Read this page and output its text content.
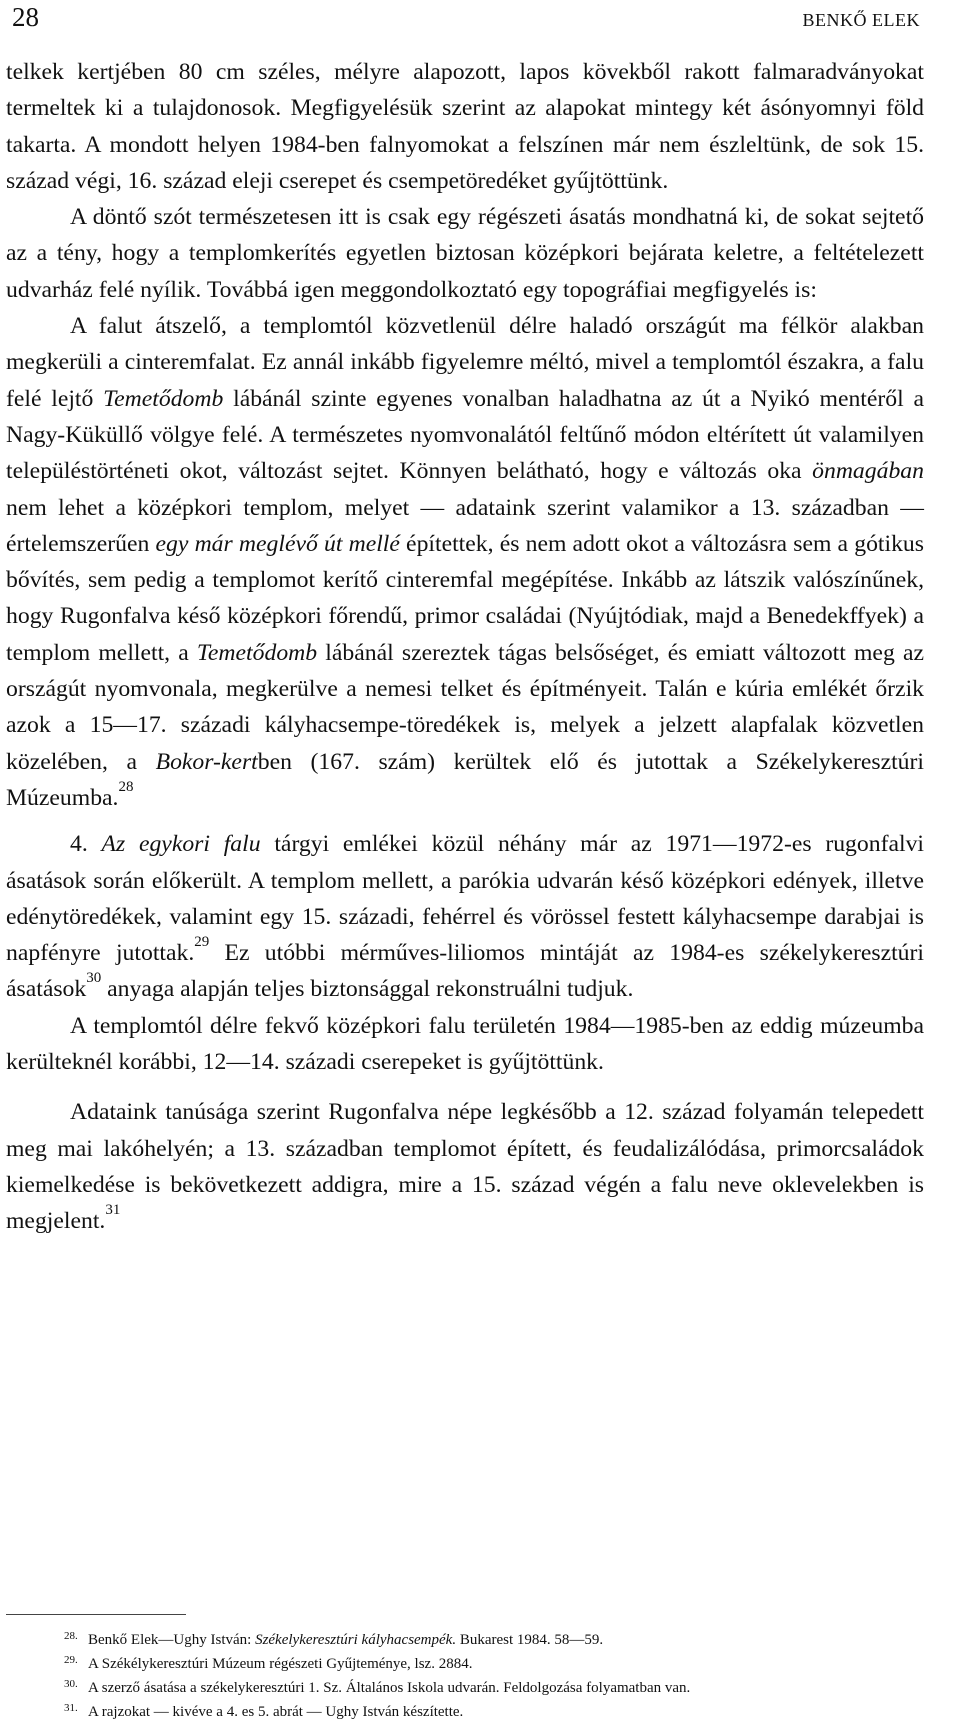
28	BENKŐ ELEK

telkek kertjében 80 cm széles, mélyre alapozott, lapos kövekből rakott falmaradványokat termeltek ki a tulajdonosok. Megfigyelésük szerint az alapokat mintegy két ásónyomnyi föld takarta. A mondott helyen 1984-ben falnyomokat a felszínen már nem észleltünk, de sok 15. század végi, 16. század eleji cserepet és csempetöredéket gyűjtöttünk.

A döntő szót természetesen itt is csak egy régészeti ásatás mondhatná ki, de sokat sejtető az a tény, hogy a templomkerítés egyetlen biztosan középkori bejárata keletre, a feltételezett udvarház felé nyílik. Továbbá igen meggondolkoztató egy topográfiai megfigyelés is:

A falut átszelő, a templomtól közvetlenül délre haladó országút ma félkör alakban megkerüli a cinteremfalat. Ez annál inkább figyelemre méltó, mivel a templomtól északra, a falu felé lejtő Temetődomb lábánál szinte egyenes vonalban haladhatna az út a Nyikó mentéről a Nagy-Küküllő völgye felé. A természetes nyomvonalától feltűnő módon eltérített út valamilyen településtörténeti okot, változást sejtet. Könnyen belátható, hogy e változás oka önmagában nem lehet a középkori templom, melyet — adataink szerint valamikor a 13. században — értelemszerűen egy már meglévő út mellé építettek, és nem adott okot a változásra sem a gótikus bővítés, sem pedig a templomot kerítő cinteremfal megépítése. Inkább az látszik valószínűnek, hogy Rugonfalva késő középkori főrendű, primor családai (Nyújtódiak, majd a Benedekffyek) a templom mellett, a Temetődomb lábánál szereztek tágas belsőséget, és emiatt változott meg az országút nyomvonala, megkerülve a nemesi telket és építményeit. Talán e kúria emlékét őrzik azok a 15—17. századi kályhacsempe-töredékek is, melyek a jelzett alapfalak közvetlen közelében, a Bokor-kertben (167. szám) kerültek elő és jutottak a Székelykeresztúri Múzeumba.$^{28}$

4. Az egykori falu tárgyi emlékei közül néhány már az 1971—1972-es rugonfalvi ásatások során előkerült. A templom mellett, a parókia udvarán késő középkori edények, illetve edénytöredékek, valamint egy 15. századi, fehérrel és vörössel festett kályhacsempe darabjai is napfényre jutottak.$^{29}$ Ez utóbbi mérműves-liliomos mintáját az 1984-es székelykeresztúri ásatások$^{30}$ anyaga alapján teljes biztonsággal rekonstruálni tudjuk.

A templomtól délre fekvő középkori falu területén 1984—1985-ben az eddig múzeumba kerülteknél korábbi, 12—14. századi cserepeket is gyűjtöttünk.

Adataink tanúsága szerint Rugonfalva népe legkésőbb a 12. század folyamán telepedett meg mai lakóhelyén; a 13. században templomot épített, és feudalizálódása, primorcsaládok kiemelkedése is bekövetkezett addigra, mire a 15. század végén a falu neve oklevelekben is megjelent.$^{31}$

28. Benkő Elek—Ughy István: Székelykeresztúri kályhacsempék. Bukarest 1984. 58—59.
29. A Székélykeresztúri Múzeum régészeti Gyűjteménye, lsz. 2884.
30. A szerző ásatása a székelykeresztúri 1. Sz. Általános Iskola udvarán. Feldolgozása folyamatban van.
31. A rajzokat — kivéve a 4. es 5. abrát — Ughy István készítette.
